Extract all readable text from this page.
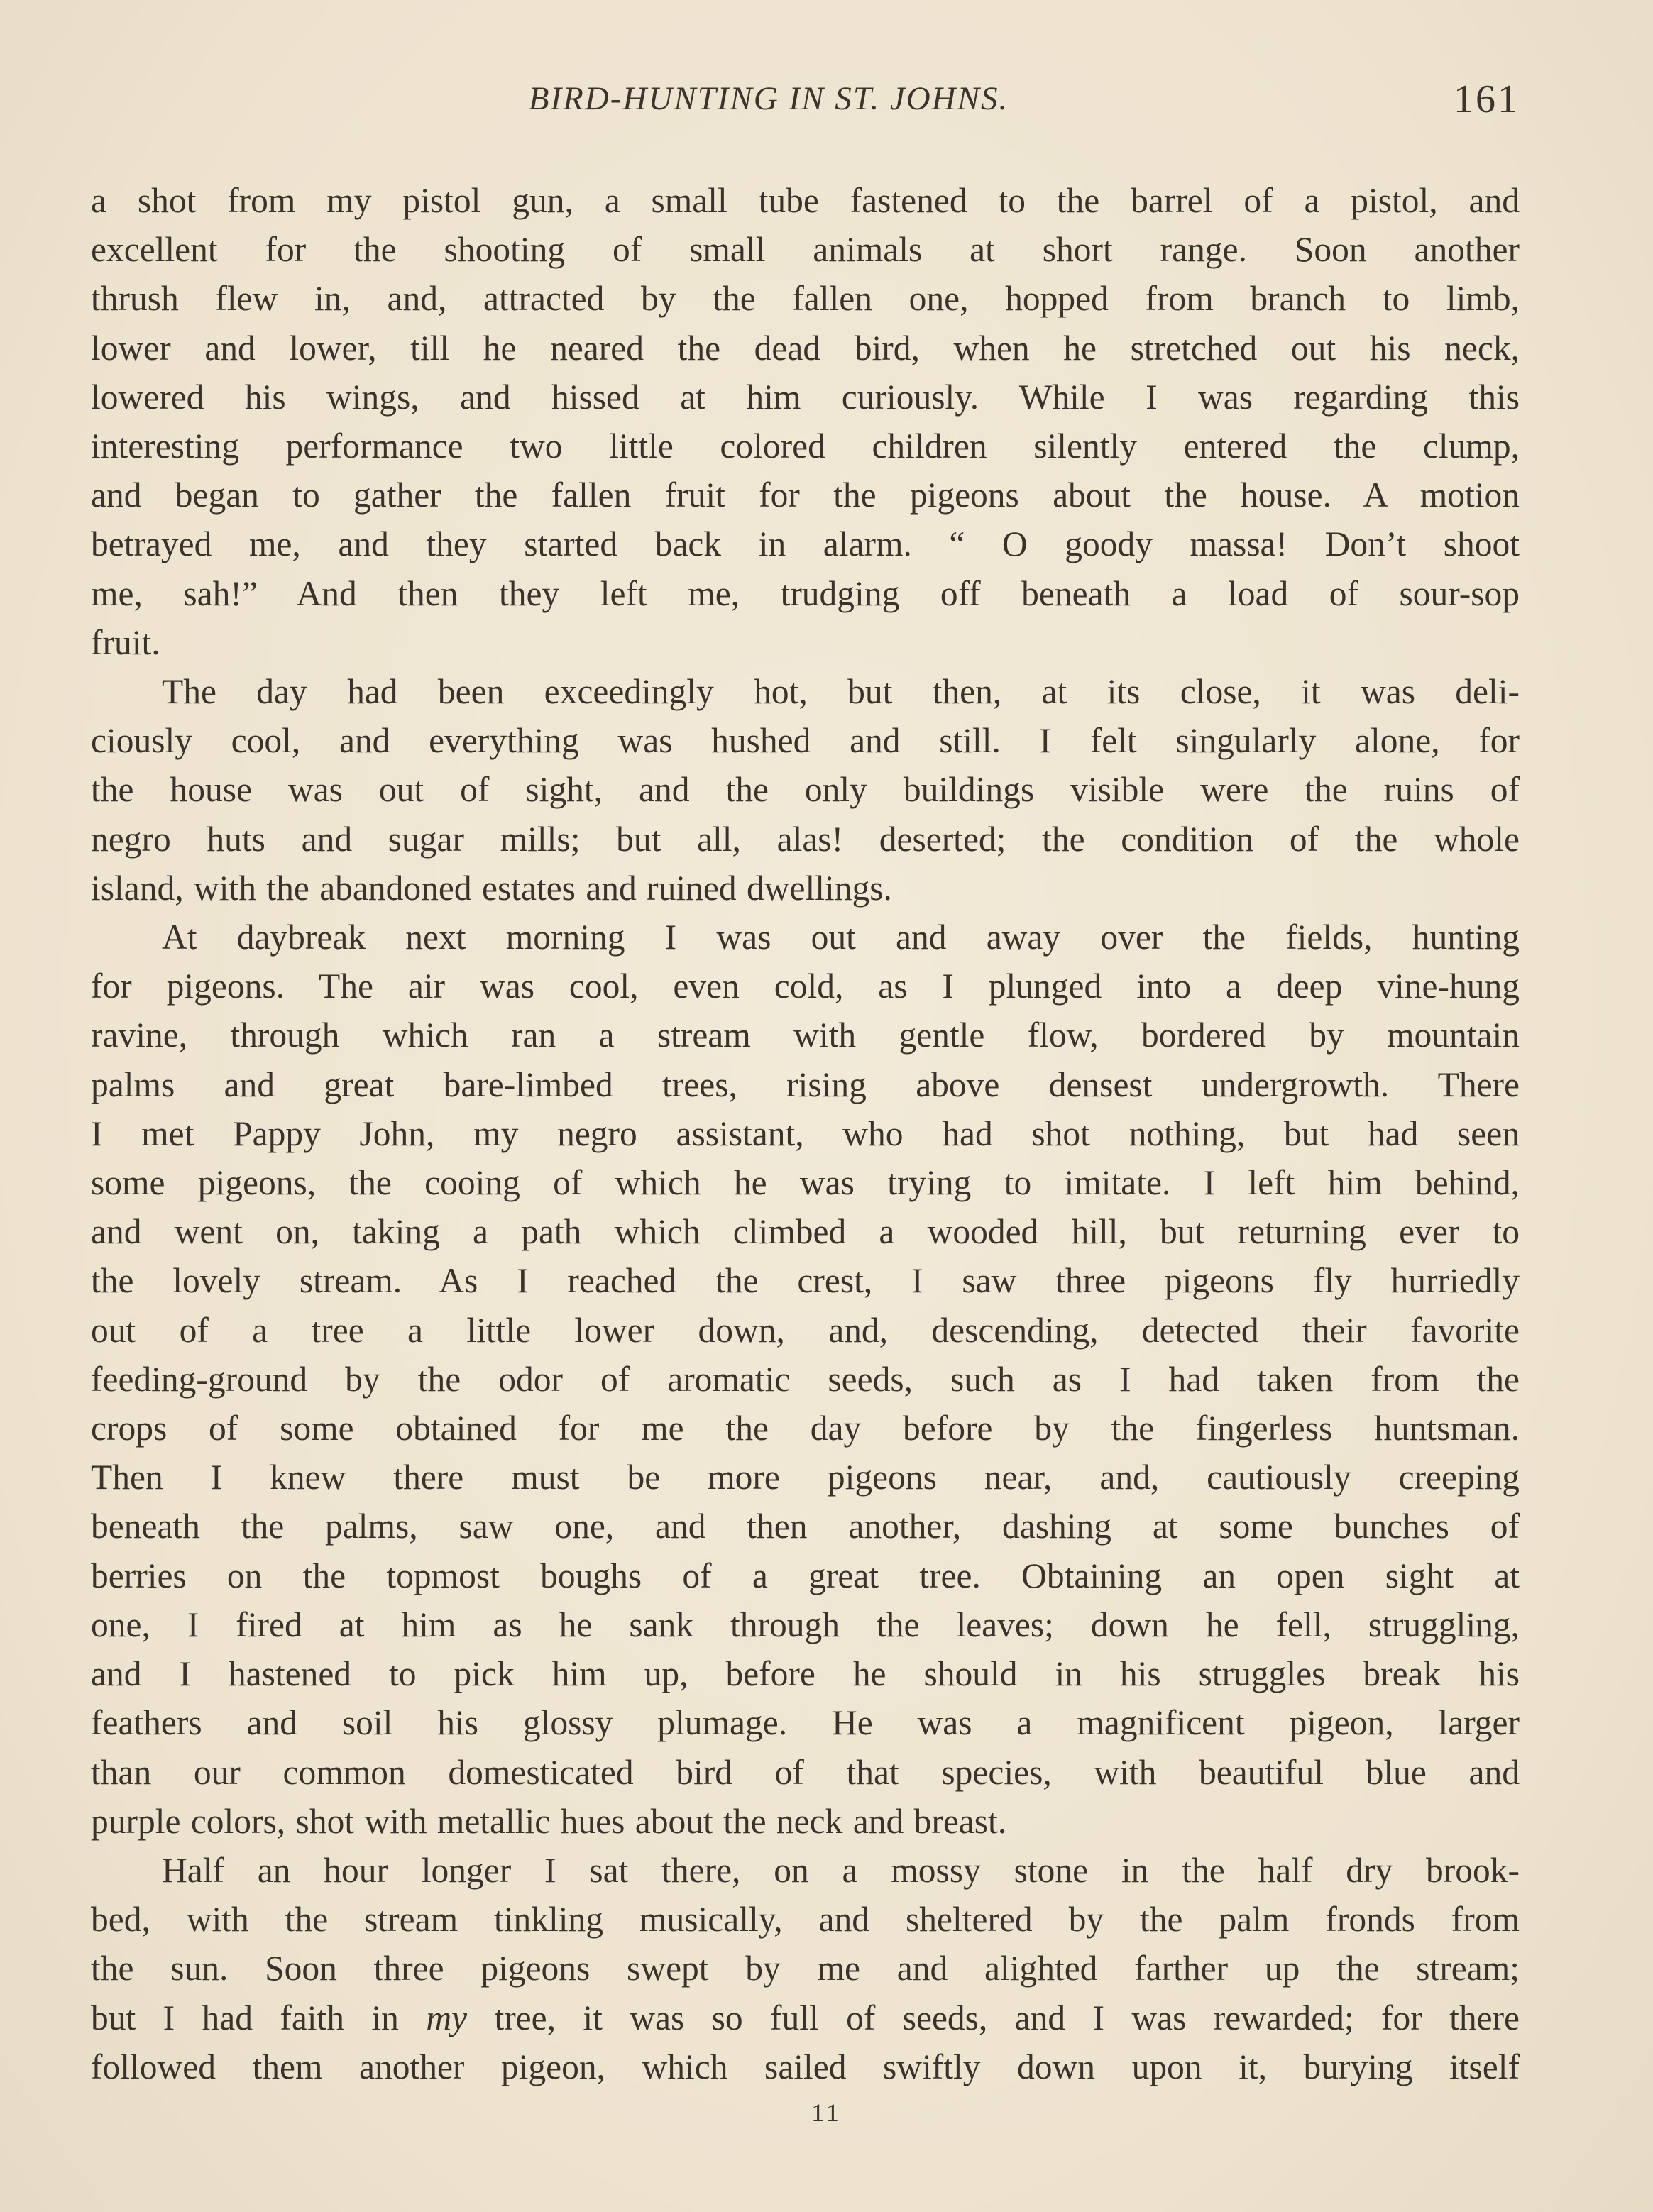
BIRD-HUNTING IN ST. JOHNS.	161

a shot from my pistol gun, a small tube fastened to the barrel of a pistol, and
excellent for the shooting of small animals at short range. Soon another
thrush flew in, and, attracted by the fallen one, hopped from branch to limb,
lower and lower, till he neared the dead bird, when he stretched out his neck,
lowered his wings, and hissed at him curiously. While I was regarding this
interesting performance two little colored children silently entered the clump,
and began to gather the fallen fruit for the pigeons about the house. A motion
betrayed me, and they started back in alarm. “ O goody massa! Don’t shoot
me, sah!” And then they left me, trudging off beneath a load of sour-sop
fruit.

The day had been exceedingly hot, but then, at its close, it was deli-
ciously cool, and everything was hushed and still. I felt singularly alone, for
the house was out of sight, and the only buildings visible were the ruins of
negro huts and sugar mills; but all, alas! deserted; the condition of the whole
island, with the abandoned estates and ruined dwellings.

At daybreak next morning I was out and away over the fields, hunting
for pigeons. The air was cool, even cold, as I plunged into a deep vine-hung
ravine, through which ran a stream with gentle flow, bordered by mountain
palms and great bare-limbed trees, rising above densest undergrowth. There
I met Pappy John, my negro assistant, who had shot nothing, but had seen
some pigeons, the cooing of which he was trying to imitate. I left him behind,
and went on, taking a path which climbed a wooded hill, but returning ever to
the lovely stream. As I reached the crest, I saw three pigeons fly hurriedly
out of a tree a little lower down, and, descending, detected their favorite
feeding-ground by the odor of aromatic seeds, such as I had taken from the
crops of some obtained for me the day before by the fingerless huntsman.
Then I knew there must be more pigeons near, and, cautiously creeping
beneath the palms, saw one, and then another, dashing at some bunches of
berries on the topmost boughs of a great tree. Obtaining an open sight at
one, I fired at him as he sank through the leaves; down he fell, struggling,
and I hastened to pick him up, before he should in his struggles break his
feathers and soil his glossy plumage. He was a magnificent pigeon, larger
than our common domesticated bird of that species, with beautiful blue and
purple colors, shot with metallic hues about the neck and breast.

Half an hour longer I sat there, on a mossy stone in the half dry brook-
bed, with the stream tinkling musically, and sheltered by the palm fronds from
the sun. Soon three pigeons swept by me and alighted farther up the stream;
but I had faith in my tree, it was so full of seeds, and I was rewarded; for there
followed them another pigeon, which sailed swiftly down upon it, burying itself

11
